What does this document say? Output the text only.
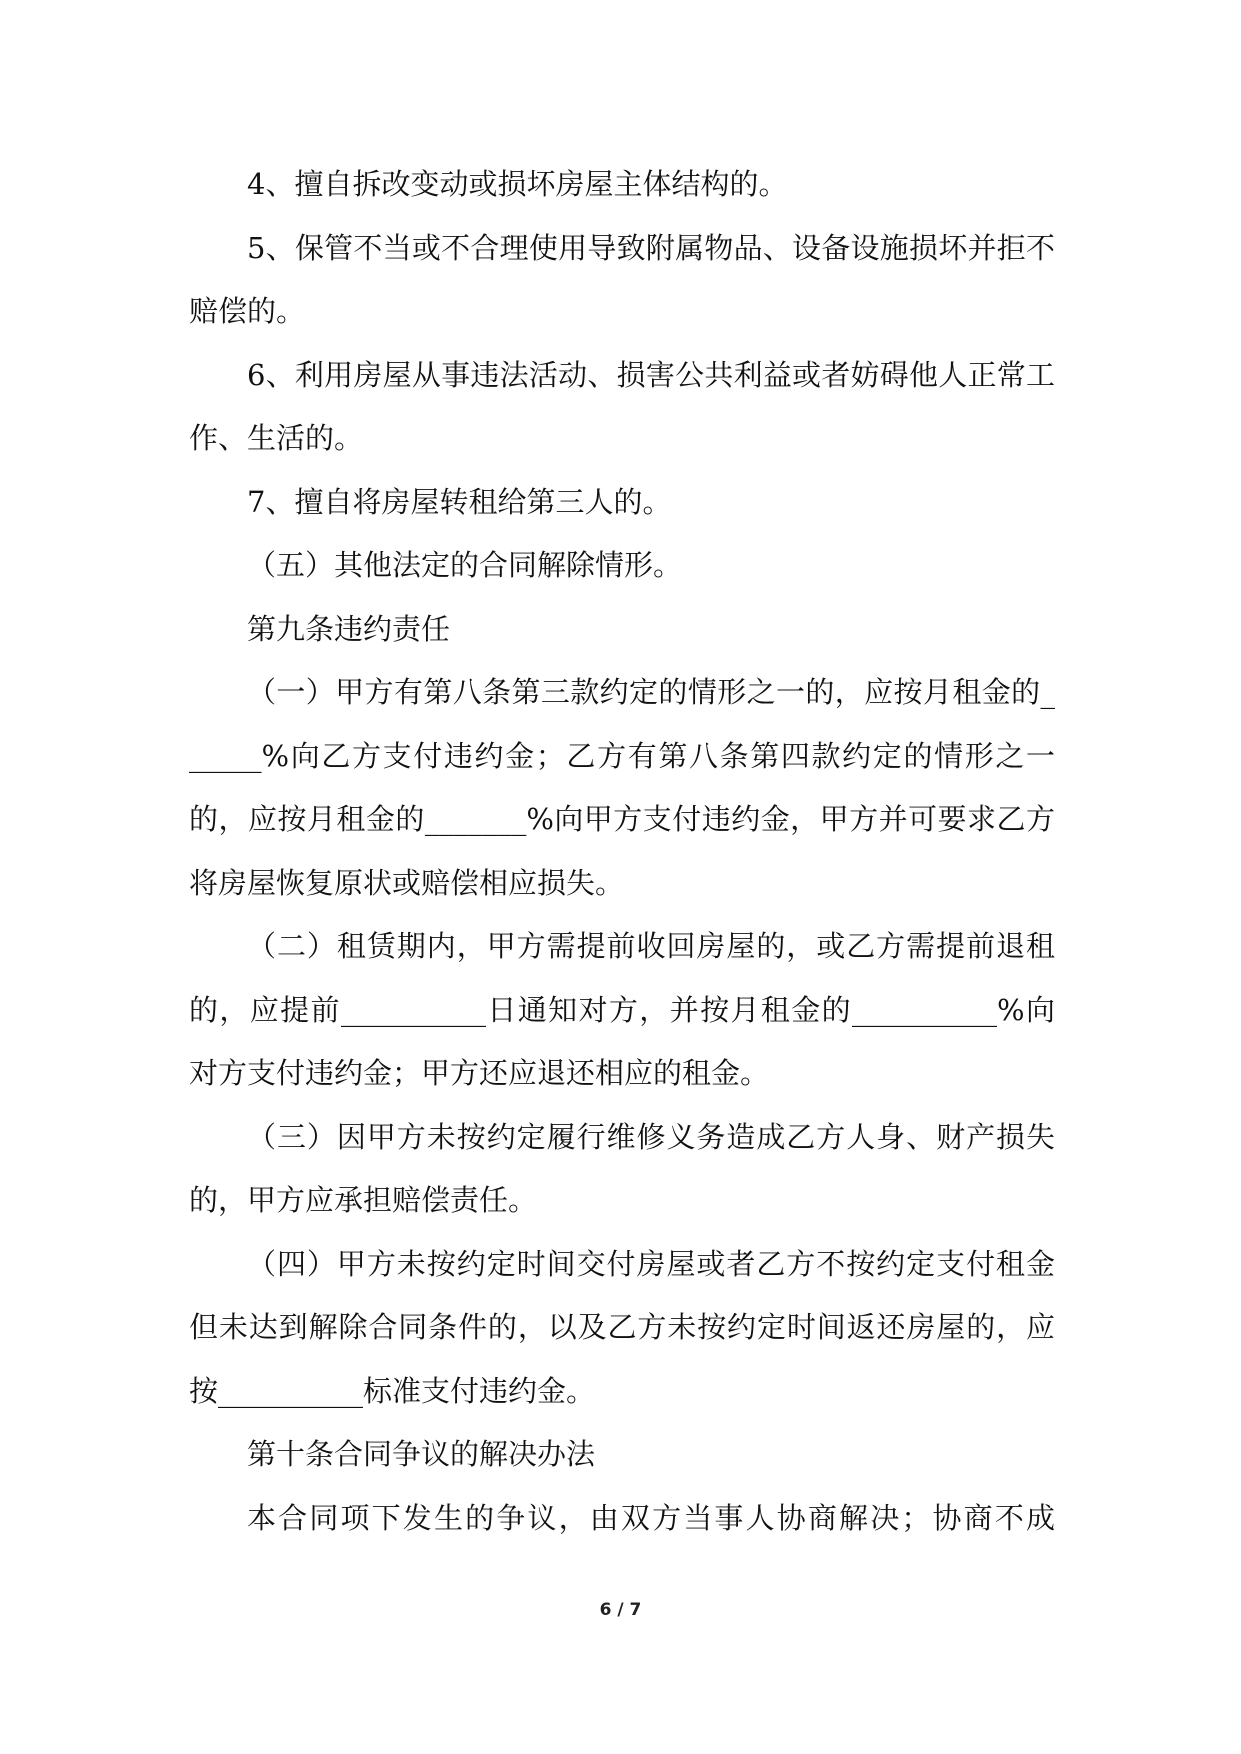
4、擅自拆改变动或损坏房屋主体结构的。

5、保管不当或不合理使用导致附属物品、设备设施损坏并拒不赔偿的。

6、利用房屋从事违法活动、损害公共利益或者妨碍他人正常工作、生活的。

7、擅自将房屋转租给第三人的。

（五）其他法定的合同解除情形。

第九条违约责任

（一）甲方有第八条第三款约定的情形之一的，应按月租金的______%向乙方支付违约金；乙方有第八条第四款约定的情形之一的，应按月租金的_______%向甲方支付违约金，甲方并可要求乙方将房屋恢复原状或赔偿相应损失。

（二）租赁期内，甲方需提前收回房屋的，或乙方需提前退租的，应提前__________日通知对方，并按月租金的__________%向对方支付违约金；甲方还应退还相应的租金。

（三）因甲方未按约定履行维修义务造成乙方人身、财产损失的，甲方应承担赔偿责任。

（四）甲方未按约定时间交付房屋或者乙方不按约定支付租金但未达到解除合同条件的，以及乙方未按约定时间返还房屋的，应按__________标准支付违约金。

第十条合同争议的解决办法

本合同项下发生的争议，由双方当事人协商解决；协商不成

6 / 7
